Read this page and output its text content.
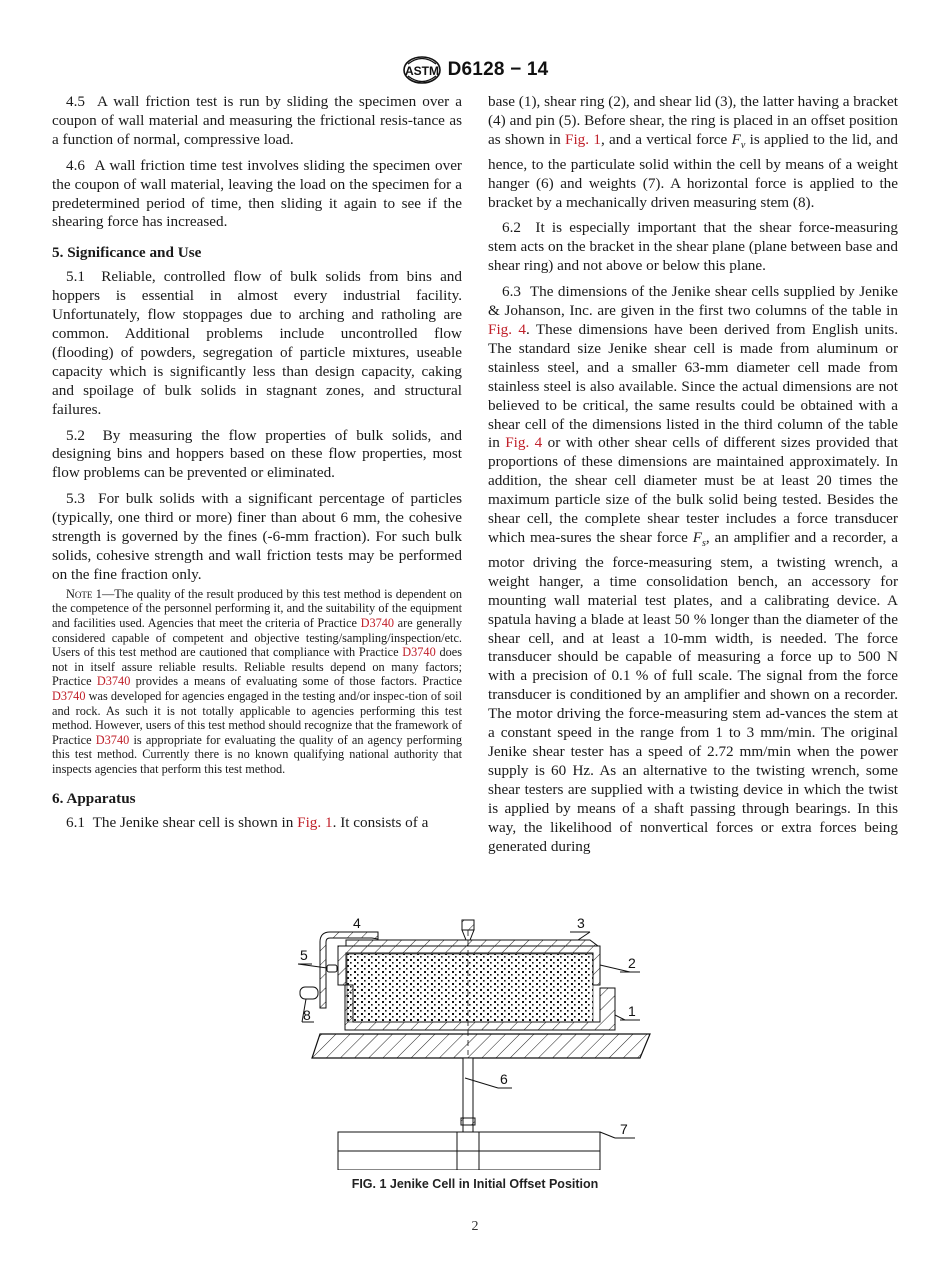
ASTM D6128 − 14

4.5 A wall friction test is run by sliding the specimen over a coupon of wall material and measuring the frictional resis-tance as a function of normal, compressive load.

4.6 A wall friction time test involves sliding the specimen over the coupon of wall material, leaving the load on the specimen for a predetermined period of time, then sliding it again to see if the shearing force has increased.

5. Significance and Use

5.1 Reliable, controlled flow of bulk solids from bins and hoppers is essential in almost every industrial facility. Unfortunately, flow stoppages due to arching and ratholing are common. Additional problems include uncontrolled flow (flooding) of powders, segregation of particle mixtures, useable capacity which is significantly less than design capacity, caking and spoilage of bulk solids in stagnant zones, and structural failures.

5.2 By measuring the flow properties of bulk solids, and designing bins and hoppers based on these flow properties, most flow problems can be prevented or eliminated.

5.3 For bulk solids with a significant percentage of particles (typically, one third or more) finer than about 6 mm, the cohesive strength is governed by the fines (-6-mm fraction). For such bulk solids, cohesive strength and wall friction tests may be performed on the fine fraction only.

Note 1—The quality of the result produced by this test method is dependent on the competence of the personnel performing it, and the suitability of the equipment and facilities used. Agencies that meet the criteria of Practice D3740 are generally considered capable of competent and objective testing/sampling/inspection/etc. Users of this test method are cautioned that compliance with Practice D3740 does not in itself assure reliable results. Reliable results depend on many factors; Practice D3740 provides a means of evaluating some of those factors. Practice D3740 was developed for agencies engaged in the testing and/or inspec-tion of soil and rock. As such it is not totally applicable to agencies performing this test method. However, users of this test method should recognize that the framework of Practice D3740 is appropriate for evaluating the quality of an agency performing this test method. Currently there is no known qualifying national authority that inspects agencies that perform this test method.

6. Apparatus

6.1 The Jenike shear cell is shown in Fig. 1. It consists of a

base (1), shear ring (2), and shear lid (3), the latter having a bracket (4) and pin (5). Before shear, the ring is placed in an offset position as shown in Fig. 1, and a vertical force $F_v$ is applied to the lid, and hence, to the particulate solid within the cell by means of a weight hanger (6) and weights (7). A horizontal force is applied to the bracket by a mechanically driven measuring stem (8).

6.2 It is especially important that the shear force-measuring stem acts on the bracket in the shear plane (plane between base and shear ring) and not above or below this plane.

6.3 The dimensions of the Jenike shear cells supplied by Jenike & Johanson, Inc. are given in the first two columns of the table in Fig. 4. These dimensions have been derived from English units. The standard size Jenike shear cell is made from aluminum or stainless steel, and a smaller 63-mm diameter cell made from stainless steel is also available. Since the actual dimensions are not believed to be critical, the same results could be obtained with a shear cell of the dimensions listed in the third column of the table in Fig. 4 or with other shear cells of different sizes provided that proportions of these dimensions are maintained approximately. In addition, the shear cell diameter must be at least 20 times the maximum particle size of the bulk solid being tested. Besides the shear cell, the complete shear tester includes a force transducer which mea-sures the shear force $F_s$, an amplifier and a recorder, a motor driving the force-measuring stem, a twisting wrench, a weight hanger, a time consolidation bench, an accessory for mounting wall material test plates, and a calibrating device. A spatula having a blade at least 50 % longer than the diameter of the shear cell, and at least a 10-mm width, is needed. The force transducer should be capable of measuring a force up to 500 N with a precision of 0.1 % of full scale. The signal from the force transducer is conditioned by an amplifier and shown on a recorder. The motor driving the force-measuring stem ad-vances the stem at a constant speed in the range from 1 to 3 mm/min. The original Jenike shear tester has a speed of 2.72 mm/min when the power supply is 60 Hz. As an alternative to the twisting wrench, some shear testers are supplied with a twisting device in which the twist is applied by means of a shaft passing through bearings. In this way, the likelihood of nonvertical forces or extra forces being generated during

3
2
1
4
5
8
6
7
FIG. 1 Jenike Cell in Initial Offset Position
2
